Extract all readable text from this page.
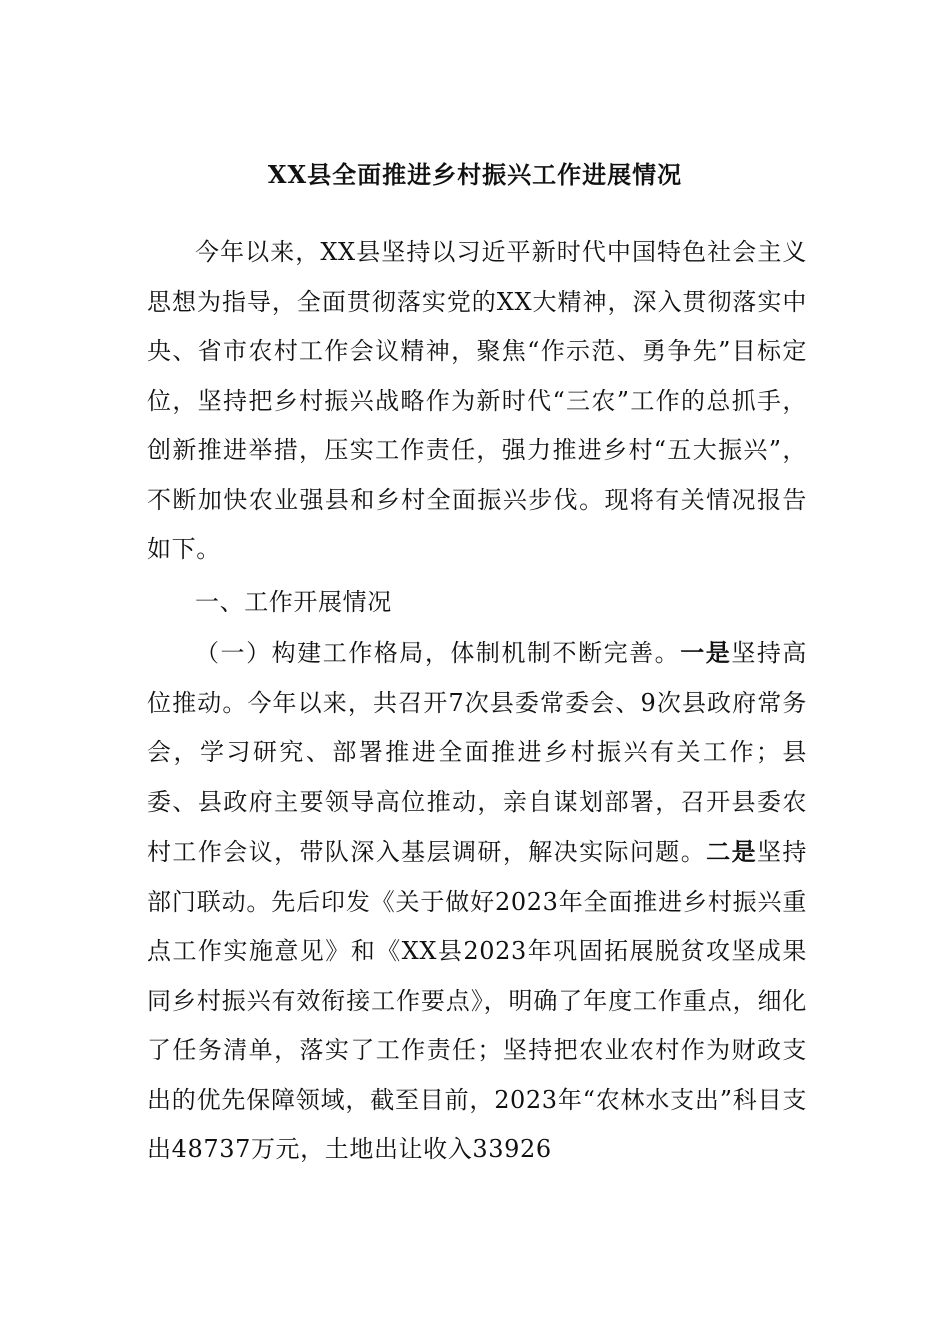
XX县全面推进乡村振兴工作进展情况
今年以来，XX县坚持以习近平新时代中国特色社会主义思想为指导，全面贯彻落实党的XX大精神，深入贯彻落实中央、省市农村工作会议精神，聚焦“作示范、勇争先”目标定位，坚持把乡村振兴战略作为新时代“三农”工作的总抓手，创新推进举措，压实工作责任，强力推进乡村“五大振兴”，不断加快农业强县和乡村全面振兴步伐。现将有关情况报告如下。
一、工作开展情况
（一）构建工作格局，体制机制不断完善。一是坚持高位推动。今年以来，共召开7次县委常委会、9次县政府常务会，学习研究、部署推进全面推进乡村振兴有关工作；县委、县政府主要领导高位推动，亲自谋划部署，召开县委农村工作会议，带队深入基层调研，解决实际问题。二是坚持部门联动。先后印发《关于做好2023年全面推进乡村振兴重点工作实施意见》和《XX县2023年巩固拓展脱贫攻坚成果同乡村振兴有效衔接工作要点》，明确了年度工作重点，细化了任务清单，落实了工作责任；坚持把农业农村作为财政支出的优先保障领域，截至目前，2023年“农林水支出”科目支出48737万元，土地出让收入33926
